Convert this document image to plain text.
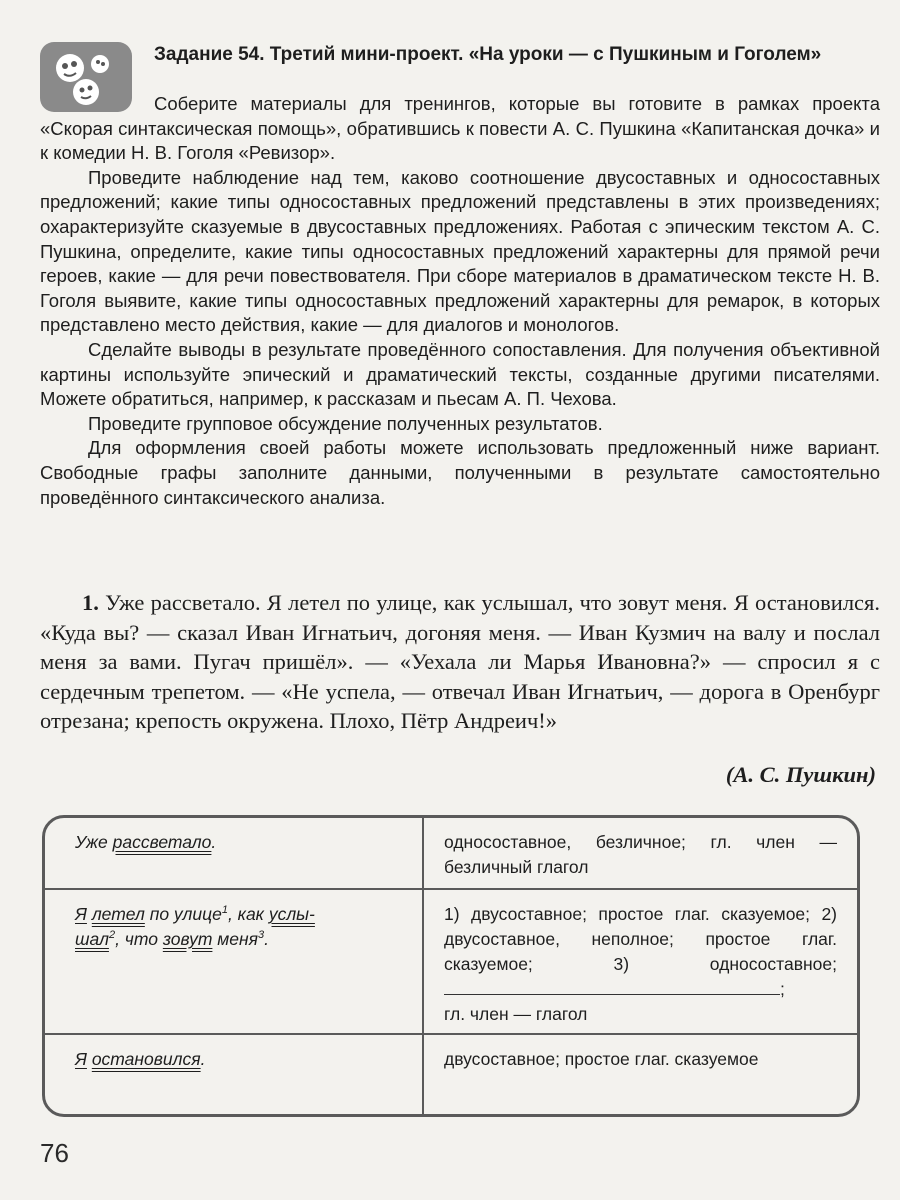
Задание 54. Третий мини-проект. «На уроки — с Пушкиным и Гоголем»

Соберите материалы для тренингов, которые вы готовите в рамках проекта «Скорая синтаксическая помощь», обратившись к повести А. С. Пушкина «Капитанская дочка» и к комедии Н. В. Гоголя «Ревизор».

Проведите наблюдение над тем, каково соотношение двусоставных и односоставных предложений; какие типы односоставных предложений представлены в этих произведениях; охарактеризуйте сказуемые в двусоставных предложениях. Работая с эпическим текстом А. С. Пушкина, определите, какие типы односоставных предложений характерны для прямой речи героев, какие — для речи повествователя. При сборе материалов в драматическом тексте Н. В. Гоголя выявите, какие типы односоставных предложений характерны для ремарок, в которых представлено место действия, какие — для диалогов и монологов.

Сделайте выводы в результате проведённого сопоставления. Для получения объективной картины используйте эпический и драматический тексты, созданные другими писателями. Можете обратиться, например, к рассказам и пьесам А. П. Чехова.

Проведите групповое обсуждение полученных результатов.

Для оформления своей работы можете использовать предложенный ниже вариант. Свободные графы заполните данными, полученными в результате самостоятельно проведённого синтаксического анализа.

1. Уже рассветало. Я летел по улице, как услышал, что зовут меня. Я остановился. «Куда вы? — сказал Иван Игнатьич, догоняя меня. — Иван Кузмич на валу и послал меня за вами. Пугач пришёл». — «Уехала ли Марья Ивановна?» — спросил я с сердечным трепетом. — «Не успела, — отвечал Иван Игнатьич, — дорога в Оренбург отрезана; крепость окружена. Плохо, Пётр Андреич!»

(А. С. Пушкин)
Уже рассветало.	односоставное, безличное; гл. член — безличный глагол
Я летел по улице$^1$, как услы-
шал$^2$, что зовут меня$^3$.
1) двусоставное; простое глаг. сказуемое; 2) двусоставное, неполное; простое глаг. сказуемое; 3) односоставное; ;
гл. член — глагол
Я остановился.	двусоставное; простое глаг. сказуемое
76
